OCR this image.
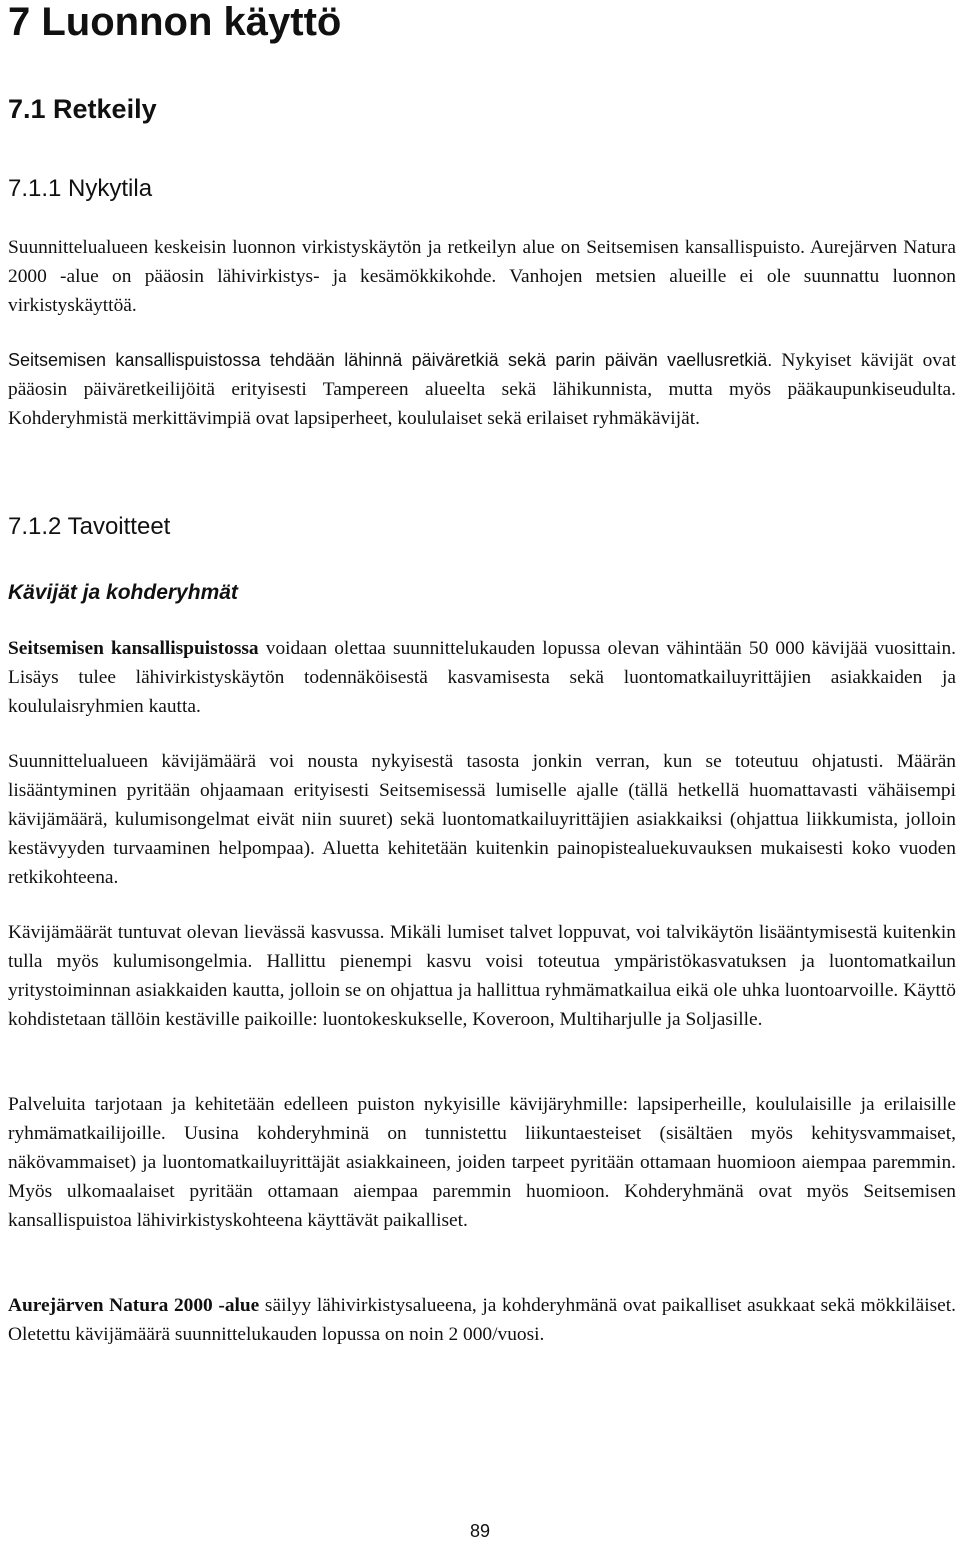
7 Luonnon käyttö
7.1 Retkeily
7.1.1 Nykytila

Suunnittelualueen keskeisin luonnon virkistyskäytön ja retkeilyn alue on Seitsemisen kansallispuisto. Aurejärven Natura 2000 -alue on pääosin lähivirkistys- ja kesämökkikohde. Vanhojen metsien alueille ei ole suunnattu luonnon virkistyskäyttöä.

Seitsemisen kansallispuistossa tehdään lähinnä päiväretkiä sekä parin päivän vaellusretkiä. Nykyiset kävijät ovat pääosin päiväretkeilijöitä erityisesti Tampereen alueelta sekä lähikunnista, mutta myös pääkaupunkiseudulta. Kohderyhmistä merkittävimpiä ovat lapsiperheet, koululaiset sekä erilaiset ryhmäkävijät.

7.1.2 Tavoitteet
Kävijät ja kohderyhmät

Seitsemisen kansallispuistossa voidaan olettaa suunnittelukauden lopussa olevan vähintään 50 000 kävijää vuosittain. Lisäys tulee lähivirkistyskäytön todennäköisestä kasvamisesta sekä luontomatkailuyrittäjien asiakkaiden ja koululaisryhmien kautta.

Suunnittelualueen kävijämäärä voi nousta nykyisestä tasosta jonkin verran, kun se toteutuu ohjatusti. Määrän lisääntyminen pyritään ohjaamaan erityisesti Seitsemisessä lumiselle ajalle (tällä hetkellä huomattavasti vähäisempi kävijämäärä, kulumisongelmat eivät niin suuret) sekä luontomatkailuyrittäjien asiakkaiksi (ohjattua liikkumista, jolloin kestävyyden turvaaminen helpompaa). Aluetta kehitetään kuitenkin painopistealuekuvauksen mukaisesti koko vuoden retkikohteena.

Kävijämäärät tuntuvat olevan lievässä kasvussa. Mikäli lumiset talvet loppuvat, voi talvikäytön lisääntymisestä kuitenkin tulla myös kulumisongelmia. Hallittu pienempi kasvu voisi toteutua ympäristökasvatuksen ja luontomatkailun yritystoiminnan asiakkaiden kautta, jolloin se on ohjattua ja hallittua ryhmämatkailua eikä ole uhka luontoarvoille. Käyttö kohdistetaan tällöin kestäville paikoille: luontokeskukselle, Koveroon, Multiharjulle ja Soljasille.

Palveluita tarjotaan ja kehitetään edelleen puiston nykyisille kävijäryhmille: lapsiperheille, koululaisille ja erilaisille ryhmämatkailijoille. Uusina kohderyhminä on tunnistettu liikuntaesteiset (sisältäen myös kehitysvammaiset, näkövammaiset) ja luontomatkailuyrittäjät asiakkaineen, joiden tarpeet pyritään ottamaan huomioon aiempaa paremmin. Myös ulkomaalaiset pyritään ottamaan aiempaa paremmin huomioon. Kohderyhmänä ovat myös Seitsemisen kansallispuistoa lähivirkistyskohteena käyttävät paikalliset.

Aurejärven Natura 2000 -alue säilyy lähivirkistysalueena, ja kohderyhmänä ovat paikalliset asukkaat sekä mökkiläiset. Oletettu kävijämäärä suunnittelukauden lopussa on noin 2 000/vuosi.

89
